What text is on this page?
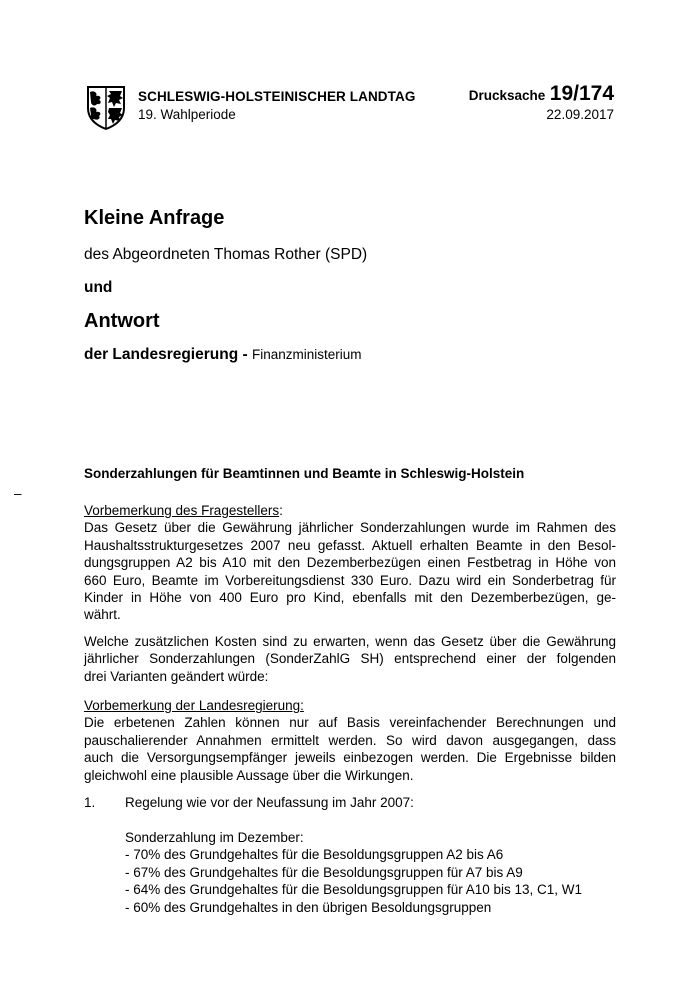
SCHLESWIG-HOLSTEINISCHER LANDTAG
19. Wahlperiode
Drucksache 19/174
22.09.2017
Kleine Anfrage
des Abgeordneten Thomas Rother (SPD)
und
Antwort
der Landesregierung - Finanzministerium
Sonderzahlungen für Beamtinnen und Beamte in Schleswig-Holstein
–
Vorbemerkung des Fragestellers:
Das Gesetz über die Gewährung jährlicher Sonderzahlungen wurde im Rahmen des
Haushaltsstrukturgesetzes 2007 neu gefasst. Aktuell erhalten Beamte in den Besol-
dungsgruppen A2 bis A10 mit den Dezemberbezügen einen Festbetrag in Höhe von
660 Euro, Beamte im Vorbereitungsdienst 330 Euro. Dazu wird ein Sonderbetrag für
Kinder in Höhe von 400 Euro pro Kind, ebenfalls mit den Dezemberbezügen, ge-
währt.
Welche zusätzlichen Kosten sind zu erwarten, wenn das Gesetz über die Gewährung
jährlicher Sonderzahlungen (SonderZahlG SH) entsprechend einer der folgenden
drei Varianten geändert würde:
Vorbemerkung der Landesregierung:
Die erbetenen Zahlen können nur auf Basis vereinfachender Berechnungen und
pauschalierender Annahmen ermittelt werden. So wird davon ausgegangen, dass
auch die Versorgungsempfänger jeweils einbezogen werden. Die Ergebnisse bilden
gleichwohl eine plausible Aussage über die Wirkungen.
1. Regelung wie vor der Neufassung im Jahr 2007:
Sonderzahlung im Dezember:
- 70% des Grundgehaltes für die Besoldungsgruppen A2 bis A6
- 67% des Grundgehaltes für die Besoldungsgruppen für A7 bis A9
- 64% des Grundgehaltes für die Besoldungsgruppen für A10 bis 13, C1, W1
- 60% des Grundgehaltes in den übrigen Besoldungsgruppen
